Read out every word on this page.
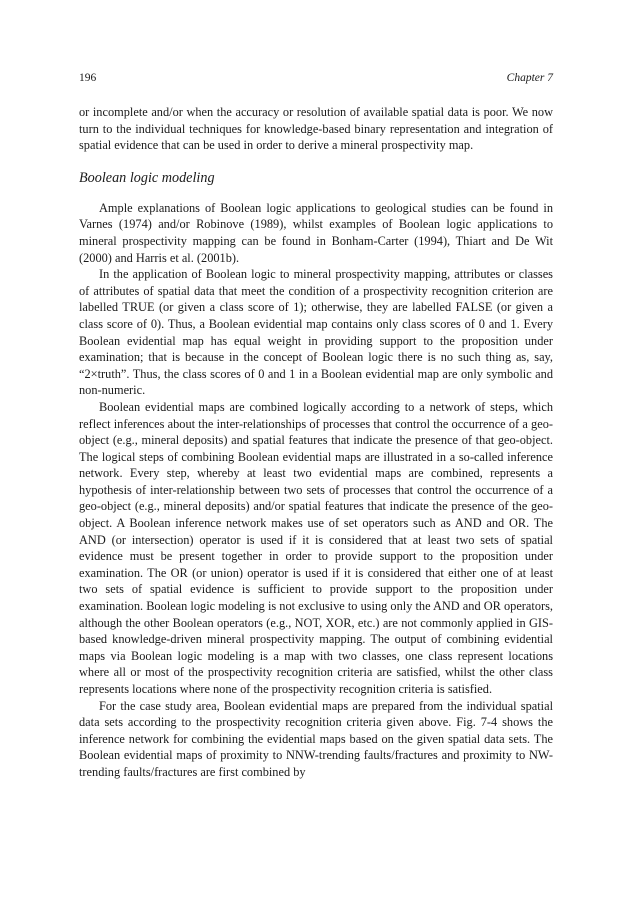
196	Chapter 7

or incomplete and/or when the accuracy or resolution of available spatial data is poor. We now turn to the individual techniques for knowledge-based binary representation and integration of spatial evidence that can be used in order to derive a mineral prospectivity map.

Boolean logic modeling

Ample explanations of Boolean logic applications to geological studies can be found in Varnes (1974) and/or Robinove (1989), whilst examples of Boolean logic applications to mineral prospectivity mapping can be found in Bonham-Carter (1994), Thiart and De Wit (2000) and Harris et al. (2001b).

In the application of Boolean logic to mineral prospectivity mapping, attributes or classes of attributes of spatial data that meet the condition of a prospectivity recognition criterion are labelled TRUE (or given a class score of 1); otherwise, they are labelled FALSE (or given a class score of 0). Thus, a Boolean evidential map contains only class scores of 0 and 1. Every Boolean evidential map has equal weight in providing support to the proposition under examination; that is because in the concept of Boolean logic there is no such thing as, say, “2×truth”. Thus, the class scores of 0 and 1 in a Boolean evidential map are only symbolic and non-numeric.

Boolean evidential maps are combined logically according to a network of steps, which reflect inferences about the inter-relationships of processes that control the occurrence of a geo-object (e.g., mineral deposits) and spatial features that indicate the presence of that geo-object. The logical steps of combining Boolean evidential maps are illustrated in a so-called inference network. Every step, whereby at least two evidential maps are combined, represents a hypothesis of inter-relationship between two sets of processes that control the occurrence of a geo-object (e.g., mineral deposits) and/or spatial features that indicate the presence of the geo-object. A Boolean inference network makes use of set operators such as AND and OR. The AND (or intersection) operator is used if it is considered that at least two sets of spatial evidence must be present together in order to provide support to the proposition under examination. The OR (or union) operator is used if it is considered that either one of at least two sets of spatial evidence is sufficient to provide support to the proposition under examination. Boolean logic modeling is not exclusive to using only the AND and OR operators, although the other Boolean operators (e.g., NOT, XOR, etc.) are not commonly applied in GIS-based knowledge-driven mineral prospectivity mapping. The output of combining evidential maps via Boolean logic modeling is a map with two classes, one class represent locations where all or most of the prospectivity recognition criteria are satisfied, whilst the other class represents locations where none of the prospectivity recognition criteria is satisfied.

For the case study area, Boolean evidential maps are prepared from the individual spatial data sets according to the prospectivity recognition criteria given above. Fig. 7-4 shows the inference network for combining the evidential maps based on the given spatial data sets. The Boolean evidential maps of proximity to NNW-trending faults/fractures and proximity to NW-trending faults/fractures are first combined by
